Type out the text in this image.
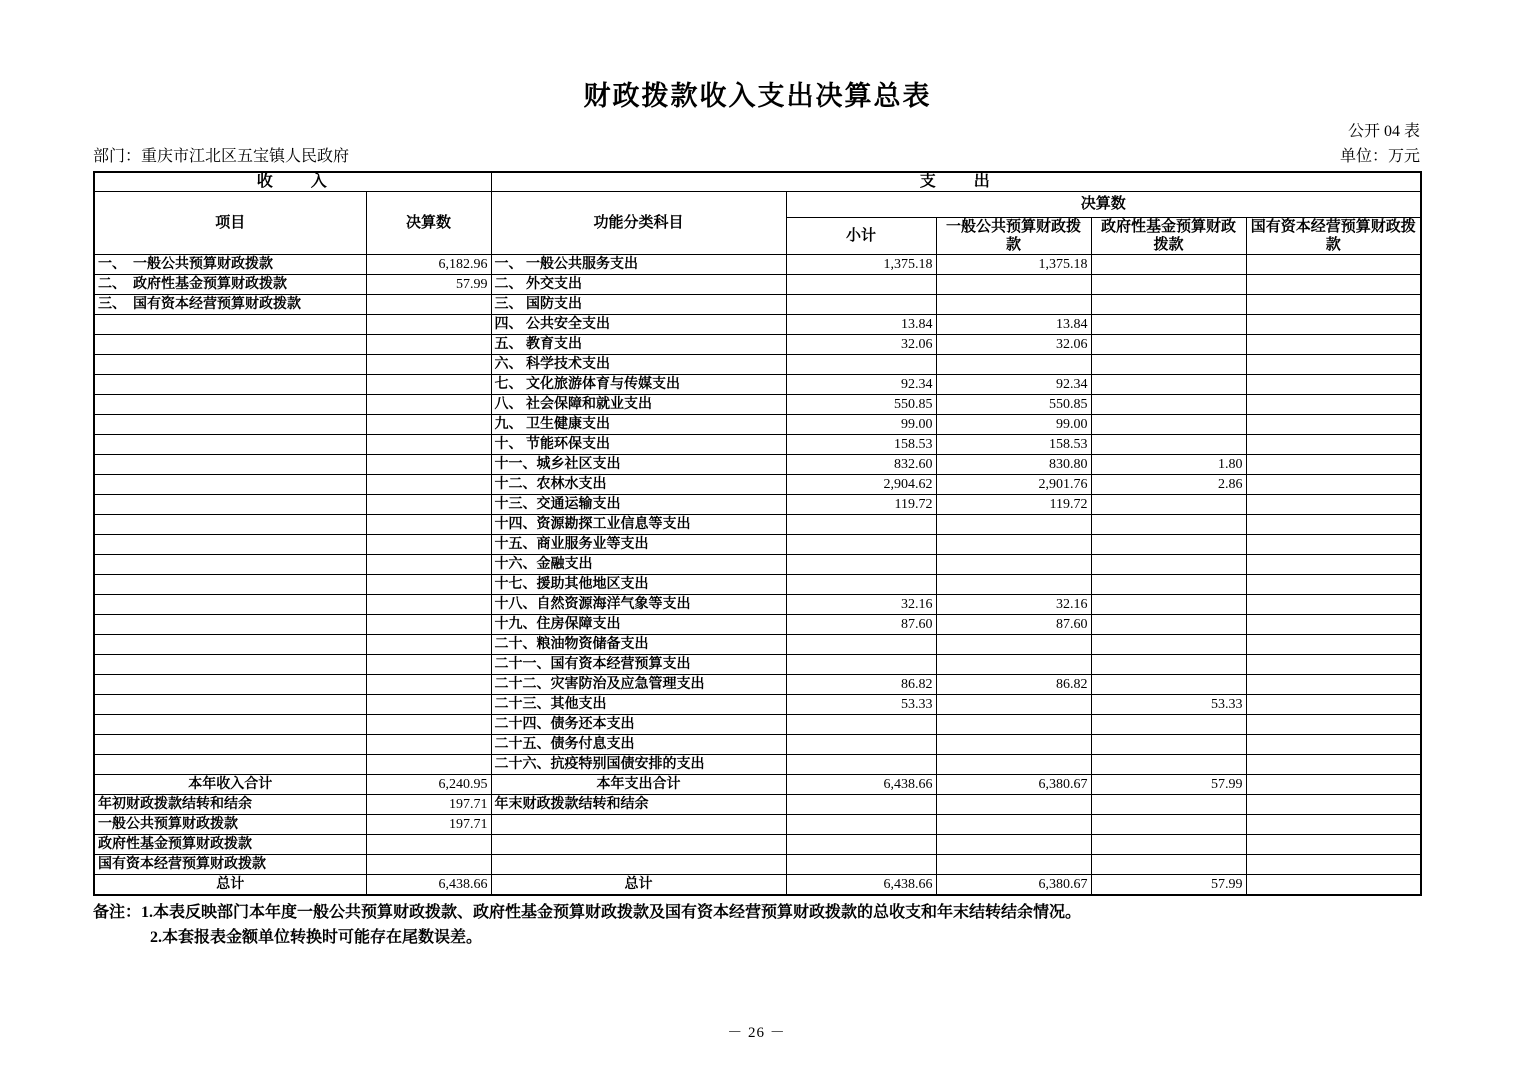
财政拨款收入支出决算总表
公开 04 表
部门：重庆市江北区五宝镇人民政府	单位：万元
收　　入		支　　出				
项目	决算数	功能分类科目	决算数			
			小计	一般公共预算财政拨款	政府性基金预算财政拨款	国有资本经营预算财政拨款
一、　一般公共预算财政拨款	6,182.96	一、 一般公共服务支出	1,375.18	1,375.18		
二、　政府性基金预算财政拨款	57.99	二、 外交支出				
三、　国有资本经营预算财政拨款		三、 国防支出				
		四、 公共安全支出	13.84	13.84		
		五、 教育支出	32.06	32.06		
		六、 科学技术支出				
		七、 文化旅游体育与传媒支出	92.34	92.34		
		八、 社会保障和就业支出	550.85	550.85		
		九、 卫生健康支出	99.00	99.00		
		十、 节能环保支出	158.53	158.53		
		十一、城乡社区支出	832.60	830.80	1.80	
		十二、农林水支出	2,904.62	2,901.76	2.86	
		十三、交通运输支出	119.72	119.72		
		十四、资源勘探工业信息等支出				
		十五、商业服务业等支出				
		十六、金融支出				
		十七、援助其他地区支出				
		十八、自然资源海洋气象等支出	32.16	32.16		
		十九、住房保障支出	87.60	87.60		
		二十、粮油物资储备支出				
		二十一、国有资本经营预算支出				
		二十二、灾害防治及应急管理支出	86.82	86.82		
		二十三、其他支出	53.33		53.33	
		二十四、债务还本支出				
		二十五、债务付息支出				
		二十六、抗疫特别国债安排的支出				
本年收入合计	6,240.95	本年支出合计	6,438.66	6,380.67	57.99	
年初财政拨款结转和结余	197.71	年末财政拨款结转和结余				
一般公共预算财政拨款	197.71					
政府性基金预算财政拨款						
国有资本经营预算财政拨款						
总计	6,438.66	总计	6,438.66	6,380.67	57.99	
备注：1.本表反映部门本年度一般公共预算财政拨款、政府性基金预算财政拨款及国有资本经营预算财政拨款的总收支和年末结转结余情况。
2.本套报表金额单位转换时可能存在尾数误差。
－ 26 －
